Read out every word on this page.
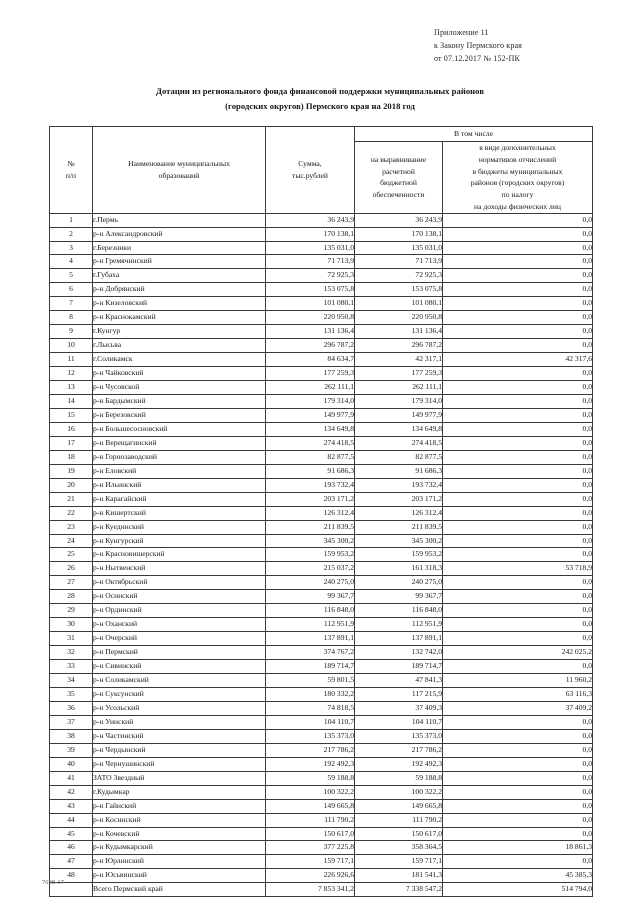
Приложение 11
к Закону Пермского края
от 07.12.2017 № 152-ПК
Дотации из регионального фонда финансовой поддержки муниципальных районов
(городских округов) Пермского края на 2018 год
№
п/п	Наименование муниципальных
образований	Сумма,
тыс.рублей	В том числе	
на выравнивание
расчетной
бюджетной
обеспеченности	в виде дополнительных
нормативов отчислений
в бюджеты муниципальных
районов (городских округов)
по налогу
на доходы физических лиц
1	г.Пермь	36 243,9	36 243,9	0,0
2	р-н Александровский	170 138,1	170 138,1	0,0
3	г.Березники	135 031,0	135 031,0	0,0
4	р-н Гремячинский	71 713,9	71 713,9	0,0
5	г.Губаха	72 925,3	72 925,3	0,0
6	р-н Добрянский	153 075,8	153 075,8	0,0
7	р-н Кизеловский	101 080,1	101 080,1	0,0
8	р-н Краснокамский	220 950,8	220 950,8	0,0
9	г.Кунгур	131 136,4	131 136,4	0,0
10	г.Лысьва	296 787,2	296 787,2	0,0
11	г.Соликамск	84 634,7	42 317,1	42 317,6
12	р-н Чайковский	177 259,3	177 259,3	0,0
13	р-н Чусовской	262 111,1	262 111,1	0,0
14	р-н Бардымский	179 314,0	179 314,0	0,0
15	р-н Березовский	149 977,9	149 977,9	0,0
16	р-н Большесосновский	134 649,8	134 649,8	0,0
17	р-н Верещагинский	274 418,5	274 418,5	0,0
18	р-н Горнозаводский	82 877,5	82 877,5	0,0
19	р-н Еловский	91 686,3	91 686,3	0,0
20	р-н Ильинский	193 732,4	193 732,4	0,0
21	р-н Карагайский	203 171,2	203 171,2	0,0
22	р-н Кишертский	126 312,4	126 312,4	0,0
23	р-н Куединский	211 839,5	211 839,5	0,0
24	р-н Кунгурский	345 300,2	345 300,2	0,0
25	р-н Красновишерский	159 953,2	159 953,2	0,0
26	р-н Нытвенский	215 037,2	161 318,3	53 718,9
27	р-н Октябрьский	240 275,0	240 275,0	0,0
28	р-н Осинский	99 367,7	99 367,7	0,0
29	р-н Ординский	116 848,0	116 848,0	0,0
30	р-н Оханский	112 951,9	112 951,9	0,0
31	р-н Очерский	137 891,1	137 891,1	0,0
32	р-н Пермский	374 767,2	132 742,0	242 025,2
33	р-н Сивинский	189 714,7	189 714,7	0,0
34	р-н Соликамский	59 801,5	47 841,3	11 960,2
35	р-н Суксунский	180 332,2	117 215,9	63 116,3
36	р-н Усольский	74 818,5	37 409,3	37 409,2
37	р-н Уинский	104 110,7	104 110,7	0,0
38	р-н Частинский	135 373,0	135 373,0	0,0
39	р-н Чердынский	217 786,2	217 786,2	0,0
40	р-н Чернушинский	192 492,3	192 492,3	0,0
41	ЗАТО Звездный	59 188,8	59 188,8	0,0
42	г.Кудымкар	100 322,2	100 322,2	0,0
43	р-н Гайнский	149 665,8	149 665,8	0,0
44	р-н Косинский	111 790,2	111 790,2	0,0
45	р-н Кочевский	150 617,0	150 617,0	0,0
46	р-н Кудымкарский	377 225,8	358 364,5	18 861,3
47	р-н Юрлинский	159 717,1	159 717,1	0,0
48	р-н Юсьвинский	226 926,6	181 541,3	45 385,3
	Всего Пермский край	7 853 341,2	7 338 547,2	514 794,0
7698-17
